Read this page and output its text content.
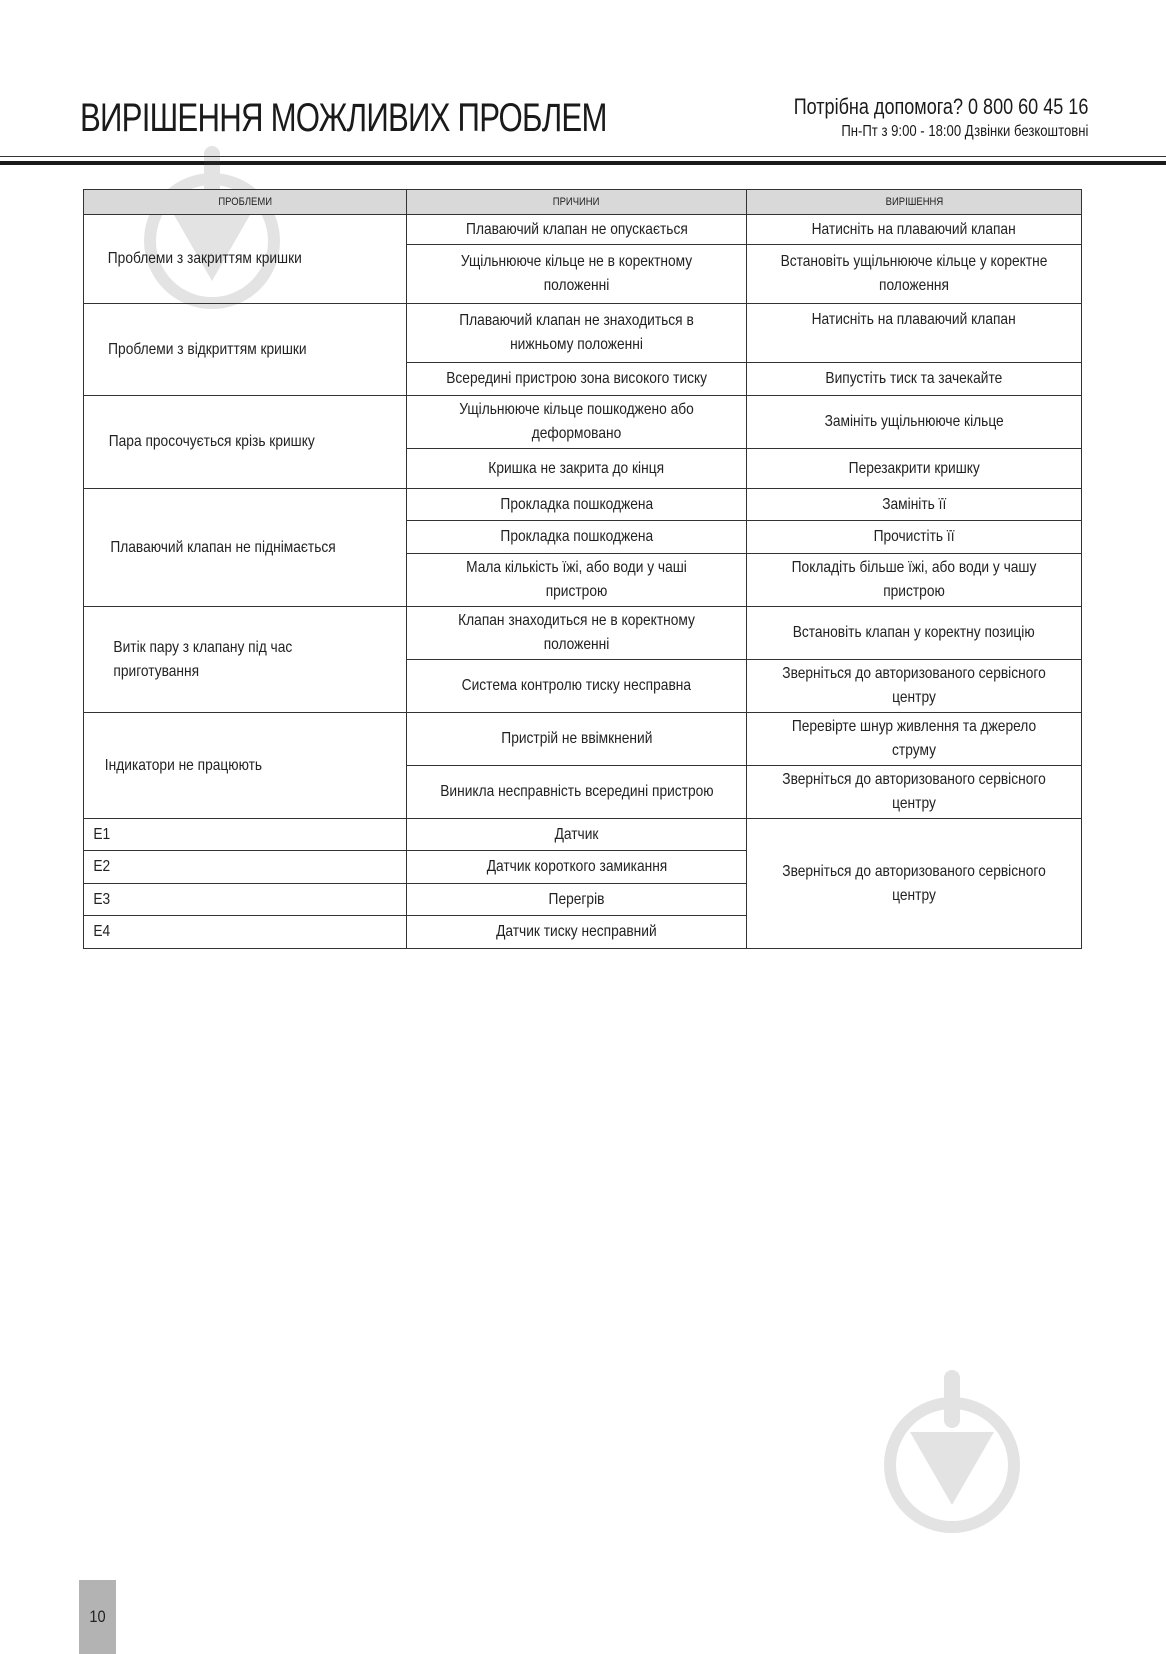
ВИРІШЕННЯ МОЖЛИВИХ ПРОБЛЕМ	Потрібна допомога? 0 800 60 45 16
Пн-Пт з 9:00 - 18:00 Дзвінки безкоштовні
ПРОБЛЕМИ	ПРИЧИНИ	ВИРІШЕННЯ
Проблеми з закриттям кришки	Плаваючий клапан не опускається	Натисніть на плаваючий клапан
	Ущільнююче кільце не в коректному положенні	Встановіть ущільнююче кільце у коректне положення
Проблеми з відкриттям кришки	Плаваючий клапан не знаходиться в нижньому положенні	Натисніть на плаваючий клапан
	Всередині пристрою зона високого тиску	Випустіть тиск та зачекайте
Пара просочується крізь кришку	Ущільнююче кільце пошкоджено або деформовано	Замініть ущільнююче кільце
	Кришка не закрита до кінця	Перезакрити кришку
Плаваючий клапан не піднімається	Прокладка пошкоджена	Замініть її
	Прокладка пошкоджена	Прочистіть її
	Мала кількість їжі, або води у чаші пристрою	Покладіть більше їжі, або води у чашу пристрою
Витік пару з клапану під час приготування	Клапан знаходиться не в коректному положенні	Встановіть клапан у коректну позицію
	Система контролю тиску несправна	Зверніться до авторизованого сервісного центру
Індикатори не працюють	Пристрій не ввімкнений	Перевірте шнур живлення та джерело струму
	Виникла несправність всередині пристрою	Зверніться до авторизованого сервісного центру
E1	Датчик	Зверніться до авторизованого сервісного центру
E2	Датчик короткого замикання	
E3	Перегрів	
E4	Датчик тиску несправний	
10
